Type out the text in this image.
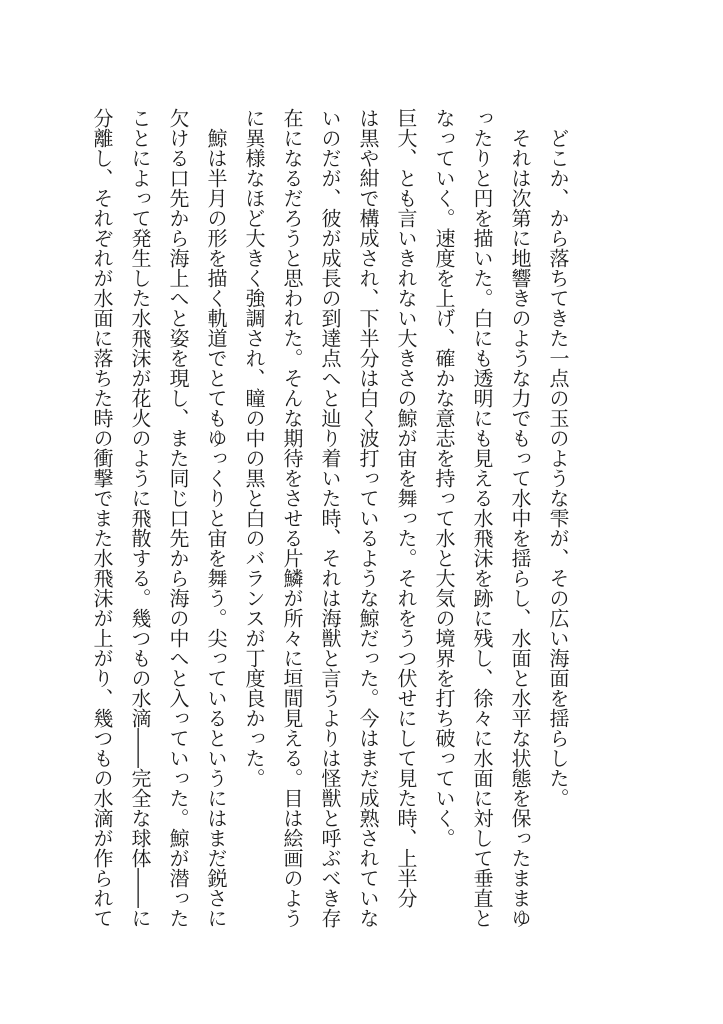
どこか、から落ちてきた一点の玉のような雫が、その広い海面を揺らした。

それは次第に地響きのような力でもって水中を揺らし、水面と水平な状態を保ったままゆ

ったりと円を描いた。白にも透明にも見える水飛沫を跡に残し、徐々に水面に対して垂直と

なっていく。速度を上げ、確かな意志を持って水と大気の境界を打ち破っていく。

巨大、とも言いきれない大きさの鯨が宙を舞った。それをうつ伏せにして見た時、上半分

は黒や紺で構成され、下半分は白く波打っているような鯨だった。今はまだ成熟されていな

いのだが、彼が成長の到達点へと辿り着いた時、それは海獣と言うよりは怪獣と呼ぶべき存

在になるだろうと思われた。そんな期待をさせる片鱗が所々に垣間見える。目は絵画のよう

に異様なほど大きく強調され、瞳の中の黒と白のバランスが丁度良かった。

鯨は半月の形を描く軌道でとてもゆっくりと宙を舞う。尖っているというにはまだ鋭さに

欠ける口先から海上へと姿を現し、また同じ口先から海の中へと入っていった。鯨が潜った

ことによって発生した水飛沫が花火のように飛散する。幾つもの水滴――完全な球体――に

分離し、それぞれが水面に落ちた時の衝撃でまた水飛沫が上がり、幾つもの水滴が作られて
